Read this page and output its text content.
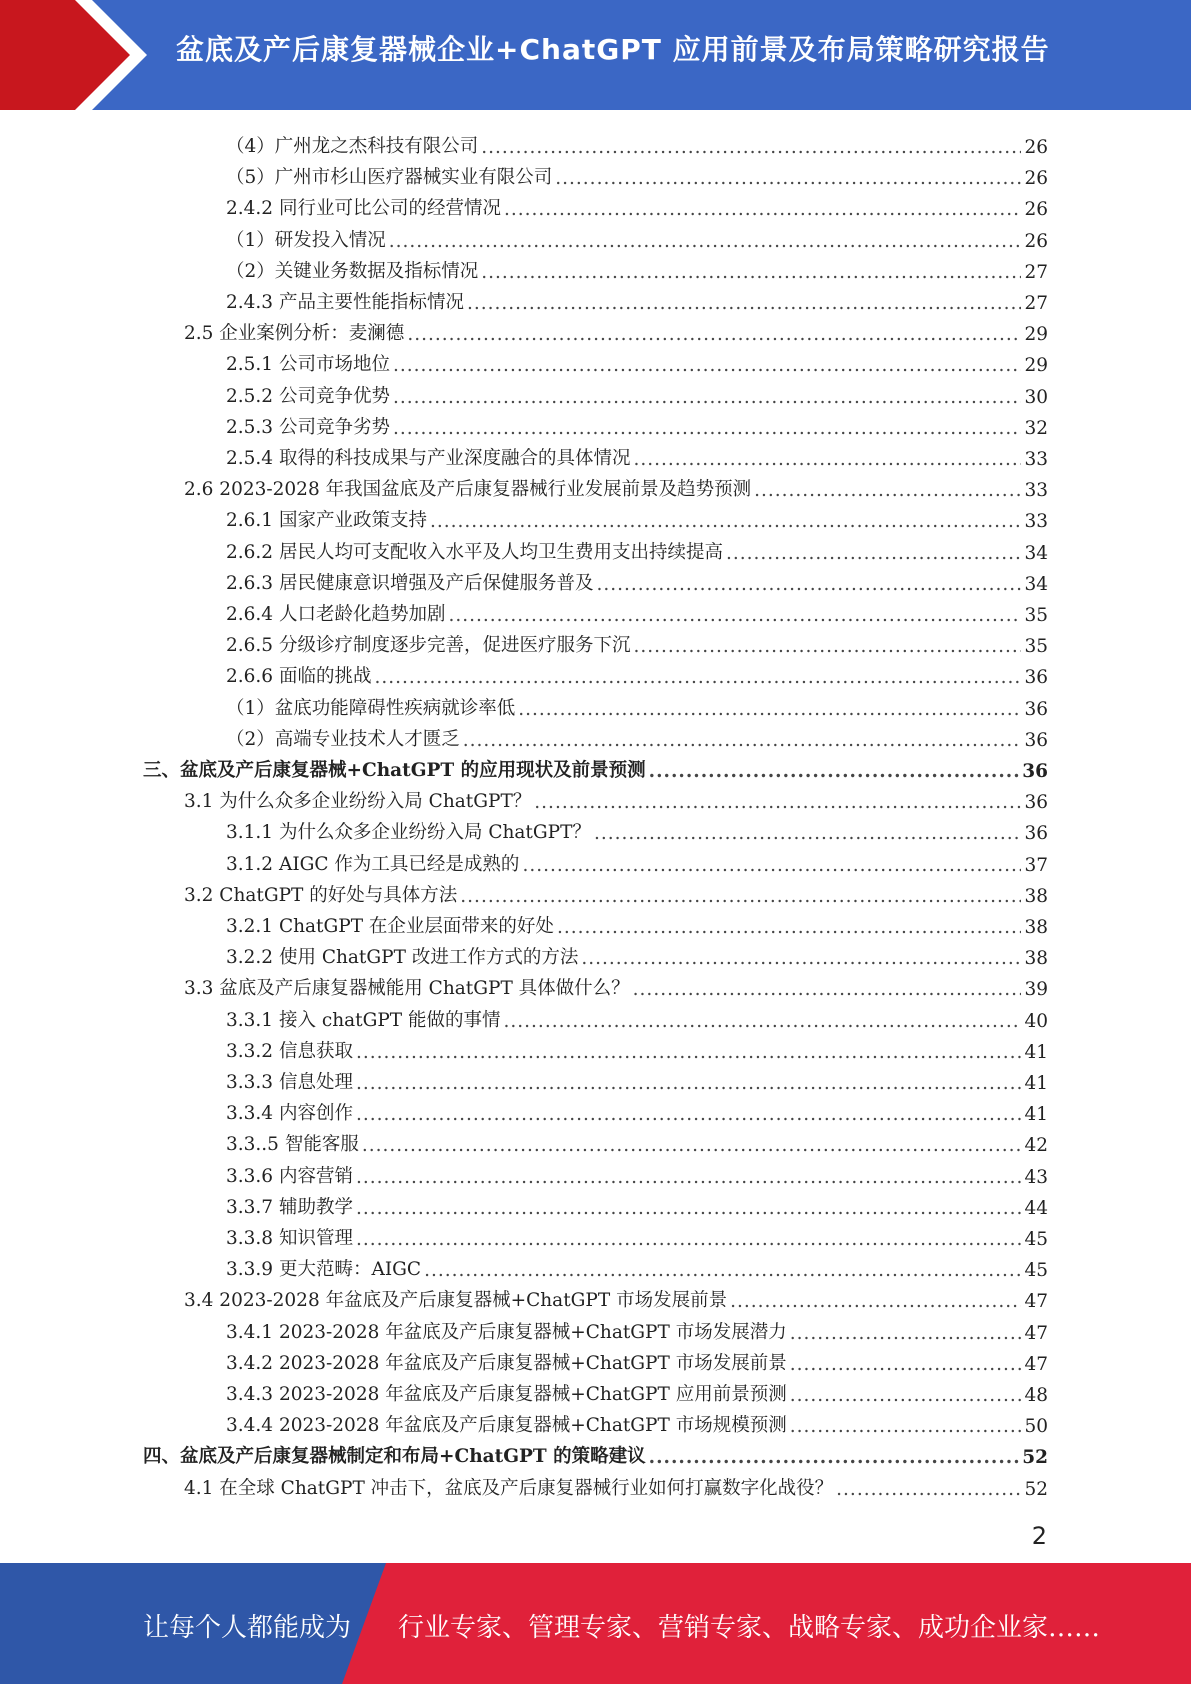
盆底及产后康复器械企业+ChatGPT 应用前景及布局策略研究报告
（4）广州龙之杰科技有限公司 .....	26
（5）广州市杉山医疗器械实业有限公司 .....	26
2.4.2 同行业可比公司的经营情况 .....	26
（1）研发投入情况 .....	26
（2）关键业务数据及指标情况 .....	27
2.4.3 产品主要性能指标情况 .....	27
2.5 企业案例分析：麦澜德 .....	29
2.5.1 公司市场地位 .....	29
2.5.2 公司竞争优势 .....	30
2.5.3 公司竞争劣势 .....	32
2.5.4 取得的科技成果与产业深度融合的具体情况 .....	33
2.6 2023-2028 年我国盆底及产后康复器械行业发展前景及趋势预测 .....	33
2.6.1 国家产业政策支持 .....	33
2.6.2 居民人均可支配收入水平及人均卫生费用支出持续提高 .....	34
2.6.3 居民健康意识增强及产后保健服务普及 .....	34
2.6.4 人口老龄化趋势加剧 .....	35
2.6.5 分级诊疗制度逐步完善，促进医疗服务下沉 .....	35
2.6.6 面临的挑战 .....	36
（1）盆底功能障碍性疾病就诊率低 .....	36
（2）高端专业技术人才匮乏 .....	36
三、盆底及产后康复器械+ChatGPT 的应用现状及前景预测 .....	36
3.1 为什么众多企业纷纷入局 ChatGPT？ .....	36
3.1.1 为什么众多企业纷纷入局 ChatGPT？ .....	36
3.1.2 AIGC 作为工具已经是成熟的 .....	37
3.2 ChatGPT 的好处与具体方法 .....	38
3.2.1 ChatGPT 在企业层面带来的好处 .....	38
3.2.2 使用 ChatGPT 改进工作方式的方法 .....	38
3.3 盆底及产后康复器械能用 ChatGPT 具体做什么？ .....	39
3.3.1 接入 chatGPT 能做的事情 .....	40
3.3.2 信息获取 .....	41
3.3.3 信息处理 .....	41
3.3.4 内容创作 .....	41
3.3..5 智能客服 .....	42
3.3.6 内容营销 .....	43
3.3.7 辅助教学 .....	44
3.3.8 知识管理 .....	45
3.3.9 更大范畴：AIGC .....	45
3.4 2023-2028 年盆底及产后康复器械+ChatGPT 市场发展前景 .....	47
3.4.1 2023-2028 年盆底及产后康复器械+ChatGPT 市场发展潜力 .....	47
3.4.2 2023-2028 年盆底及产后康复器械+ChatGPT 市场发展前景 .....	47
3.4.3 2023-2028 年盆底及产后康复器械+ChatGPT 应用前景预测 .....	48
3.4.4 2023-2028 年盆底及产后康复器械+ChatGPT 市场规模预测 .....	50
四、盆底及产后康复器械制定和布局+ChatGPT 的策略建议 .....	52
4.1 在全球 ChatGPT 冲击下，盆底及产后康复器械行业如何打赢数字化战役？ .....	52
2
让每个人都能成为 行业专家、管理专家、营销专家、战略专家、成功企业家……
